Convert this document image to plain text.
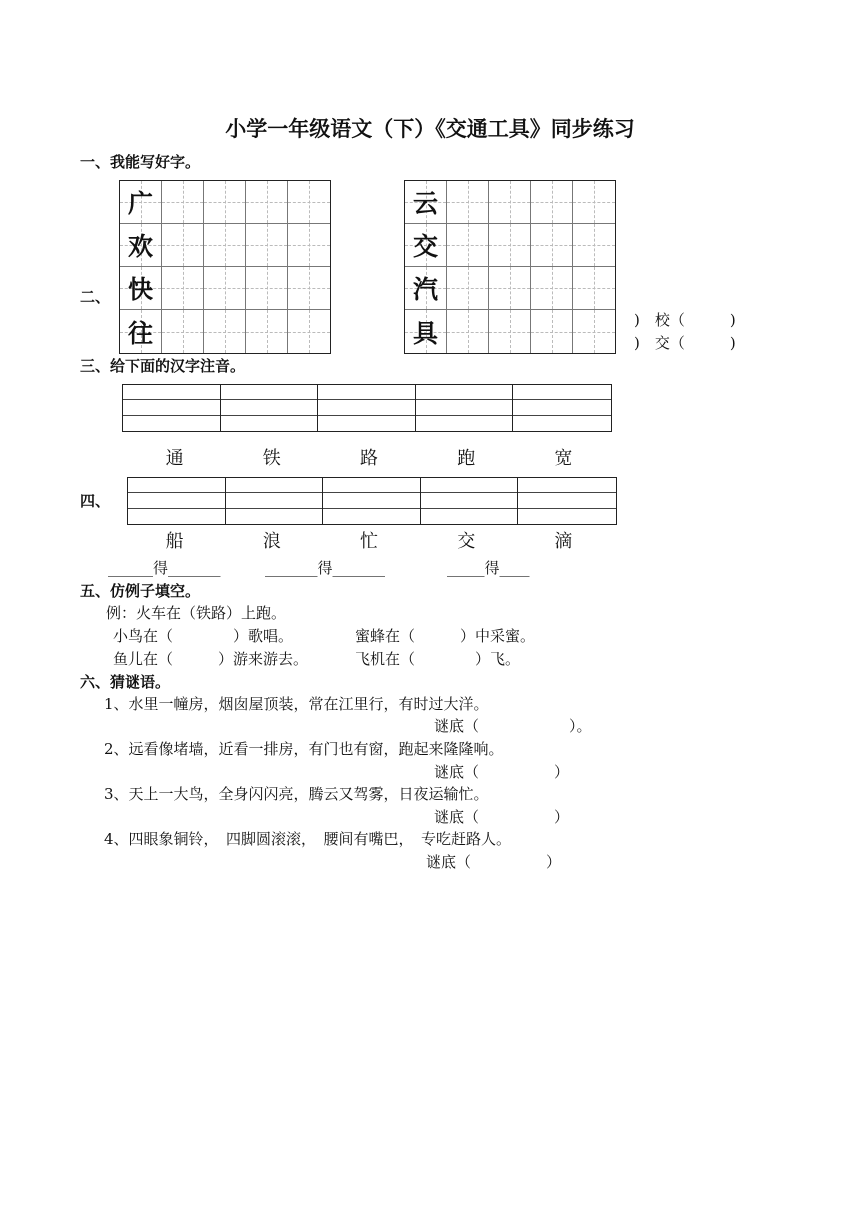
小学一年级语文（下）《交通工具》同步练习
一、我能写好字。
二、
)　校（　　　)
)　交（　　　)
广
欢
快
往
云
交
汽
具
三、给下面的汉字注音。
通	铁	路	跑	宽
四、
船	浪	忙	交	滴
______得_______	_______得_______	_____得____
五、仿例子填空。
例：火车在（铁路）上跑。
小鸟在（　　　　）歌唱。	蜜蜂在（　　　）中采蜜。
鱼儿在（　　　）游来游去。	飞机在（　　　　）飞。
六、猜谜语。
1、水里一幢房，烟囱屋顶装，常在江里行，有时过大洋。
谜底（　　　　　　）。
2、远看像堵墙，近看一排房，有门也有窗，跑起来隆隆响。
谜底（　　　　　）
3、天上一大鸟，全身闪闪亮，腾云又驾雾，日夜运输忙。
谜底（　　　　　）
4、四眼象铜铃，　四脚圆滚滚，　腰间有嘴巴，　专吃赶路人。
谜底（　　　　　）
